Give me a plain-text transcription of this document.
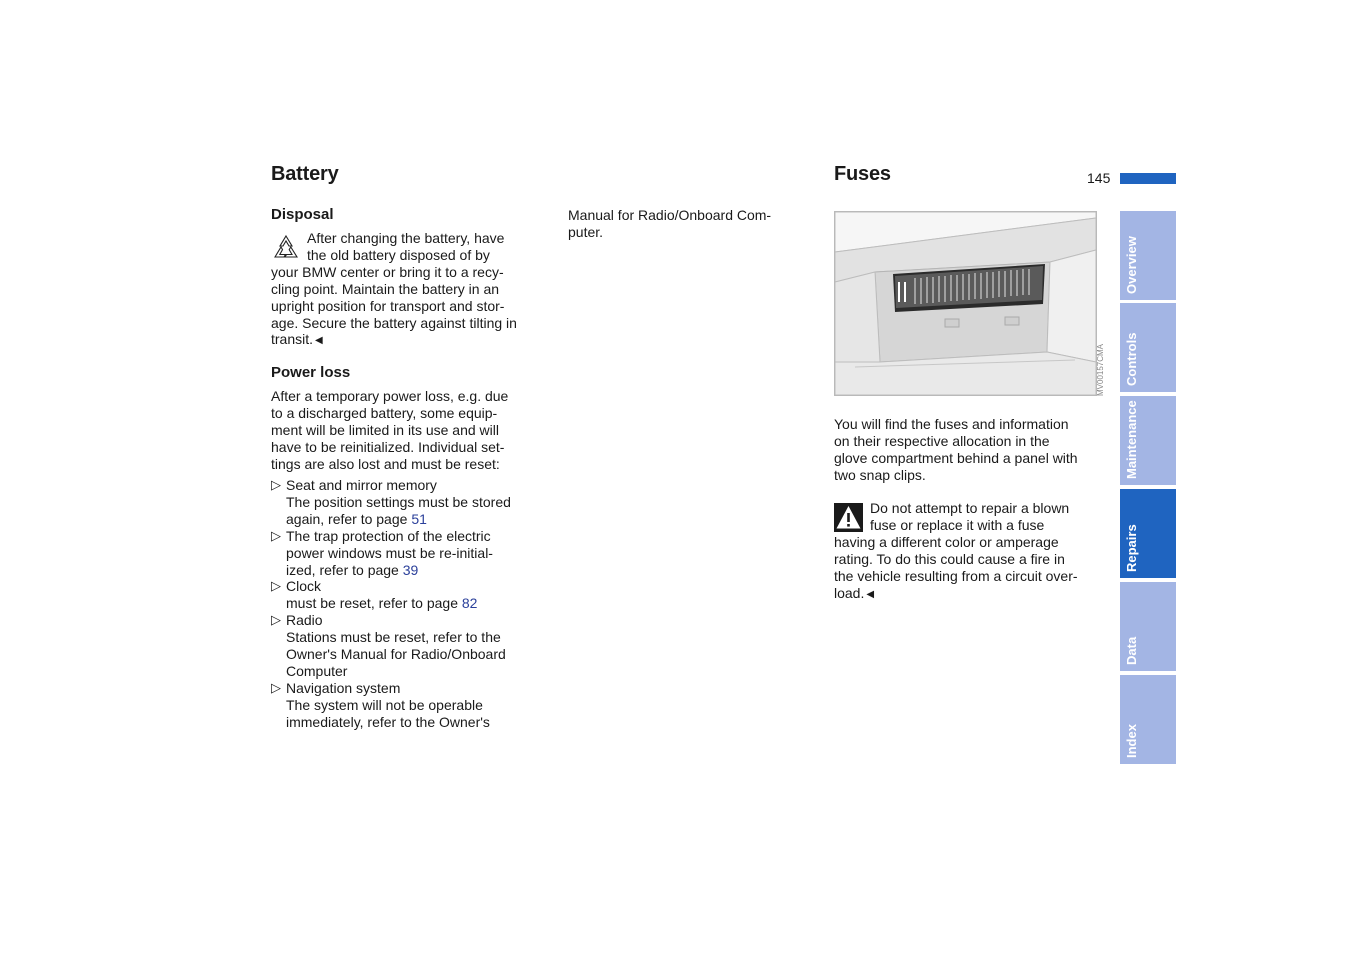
Battery
Disposal

After changing the battery, have

the old battery disposed of by

your BMW center or bring it to a recy-

cling point. Maintain the battery in an

upright position for transport and stor-

age. Secure the battery against tilting in

transit. ◀

Power loss

After a temporary power loss, e.g. due

to a discharged battery, some equip-

ment will be limited in its use and will

have to be reinitialized. Individual set-

tings are also lost and must be reset:

▷ Seat and mirror memory
The position settings must be stored
again, refer to page 51
▷ The trap protection of the electric
power windows must be re-initial-
ized, refer to page 39
▷ Clock
must be reset, refer to page 82
▷ Radio
Stations must be reset, refer to the
Owner's Manual for Radio/Onboard
Computer
▷ Navigation system
The system will not be operable
immediately, refer to the Owner's

Manual for Radio/Onboard Com-

puter.

Fuses	145
MV00157CMA

You will find the fuses and information

on their respective allocation in the

glove compartment behind a panel with

two snap clips.

Do not attempt to repair a blown

fuse or replace it with a fuse

having a different color or amperage

rating. To do this could cause a fire in

the vehicle resulting from a circuit over-

load. ◀

Overview
Controls
Maintenance
Repairs
Data
Index
